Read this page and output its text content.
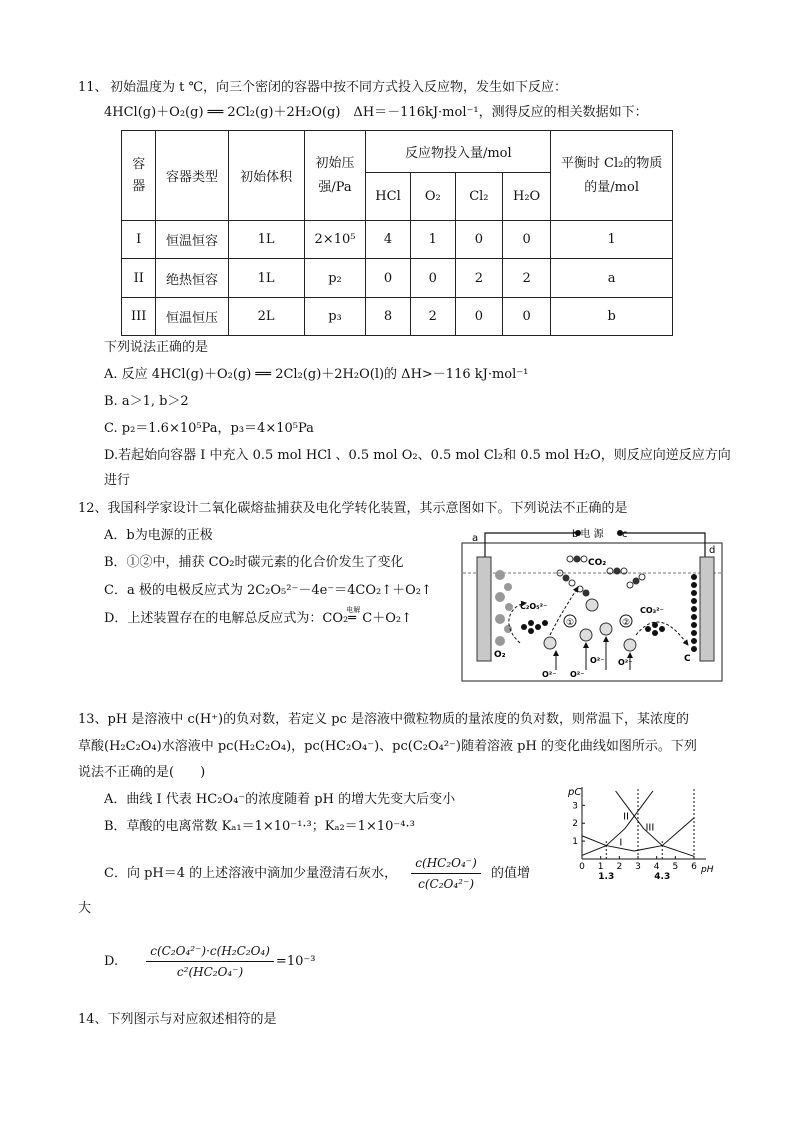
11、 初始温度为 t ℃，向三个密闭的容器中按不同方式投入反应物，发生如下反应：
4HCl(g)＋O₂(g) ══ 2Cl₂(g)＋2H₂O(g)　ΔH＝－116kJ·mol⁻¹，测得反应的相关数据如下：
容器	容器类型	初始体积	初始压强/Pa	反应物投入量/mol				平衡时 Cl₂的物质的量/mol

				HCl	O₂	Cl₂	H₂O	
I	恒温恒容	1L	2×10⁵	4	1	0	0	1
II	绝热恒容	1L	p₂	0	0	2	2	a
III	恒温恒压	2L	p₃	8	2	0	0	b
下列说法正确的是
A. 反应 4HCl(g)＋O₂(g) ══ 2Cl₂(g)＋2H₂O(l)的 ΔH>－116 kJ·mol⁻¹
B. a＞1, b＞2
C. p₂＝1.6×10⁵Pa，p₃＝4×10⁵Pa
D.若起始向容器 I 中充入 0.5 mol HCl 、0.5 mol O₂、0.5 mol Cl₂和 0.5 mol H₂O，则反应向逆反应方向
进行
12、我国科学家设计二氧化碳熔盐捕获及电化学转化装置，其示意图如下。下列说法不正确的是
A．b为电源的正极
B．①②中，捕获 CO₂时碳元素的化合价发生了变化
C．a 极的电极反应式为 2C₂O₅²⁻－4e⁻＝4CO₂↑＋O₂↑
D．上述装置存在的电解总反应式为：CO₂
电解
═ C＋O₂↑
电 源
b	c
a
d
O₂	C
CO₂
C₂O₅²⁻	CO₃²⁻
①	②
O²⁻ O²⁻
O²⁻ O²⁻
13、pH 是溶液中 c(H⁺)的负对数，若定义 pc 是溶液中微粒物质的量浓度的负对数，则常温下，某浓度的
草酸(H₂C₂O₄)水溶液中 pc(H₂C₂O₄)，pc(HC₂O₄⁻)、pc(C₂O₄²⁻)随着溶液 pH 的变化曲线如图所示。下列
说法不正确的是(　　)
A．曲线 I 代表 HC₂O₄⁻的浓度随着 pH 的增大先变大后变小
B．草酸的电离常数 Kₐ₁＝1×10⁻¹·³；Kₐ₂＝1×10⁻⁴·³
C．向 pH＝4 的上述溶液中滴加少量澄清石灰水， $\frac{\text{c(HC₂O₄⁻)}}{\text{c(C₂O₄²⁻)}}$ 的值增
大
D. $\frac{\text{c(C₂O₄²⁻)·c(H₂C₂O₄)}}{\text{c²(HC₂O₄⁻)}} =10^{-3}$
0 1 2 3 4 5 6
1
2
3
1.3	4.3
I
II
III
pC
pH
14、下列图示与对应叙述相符的是
